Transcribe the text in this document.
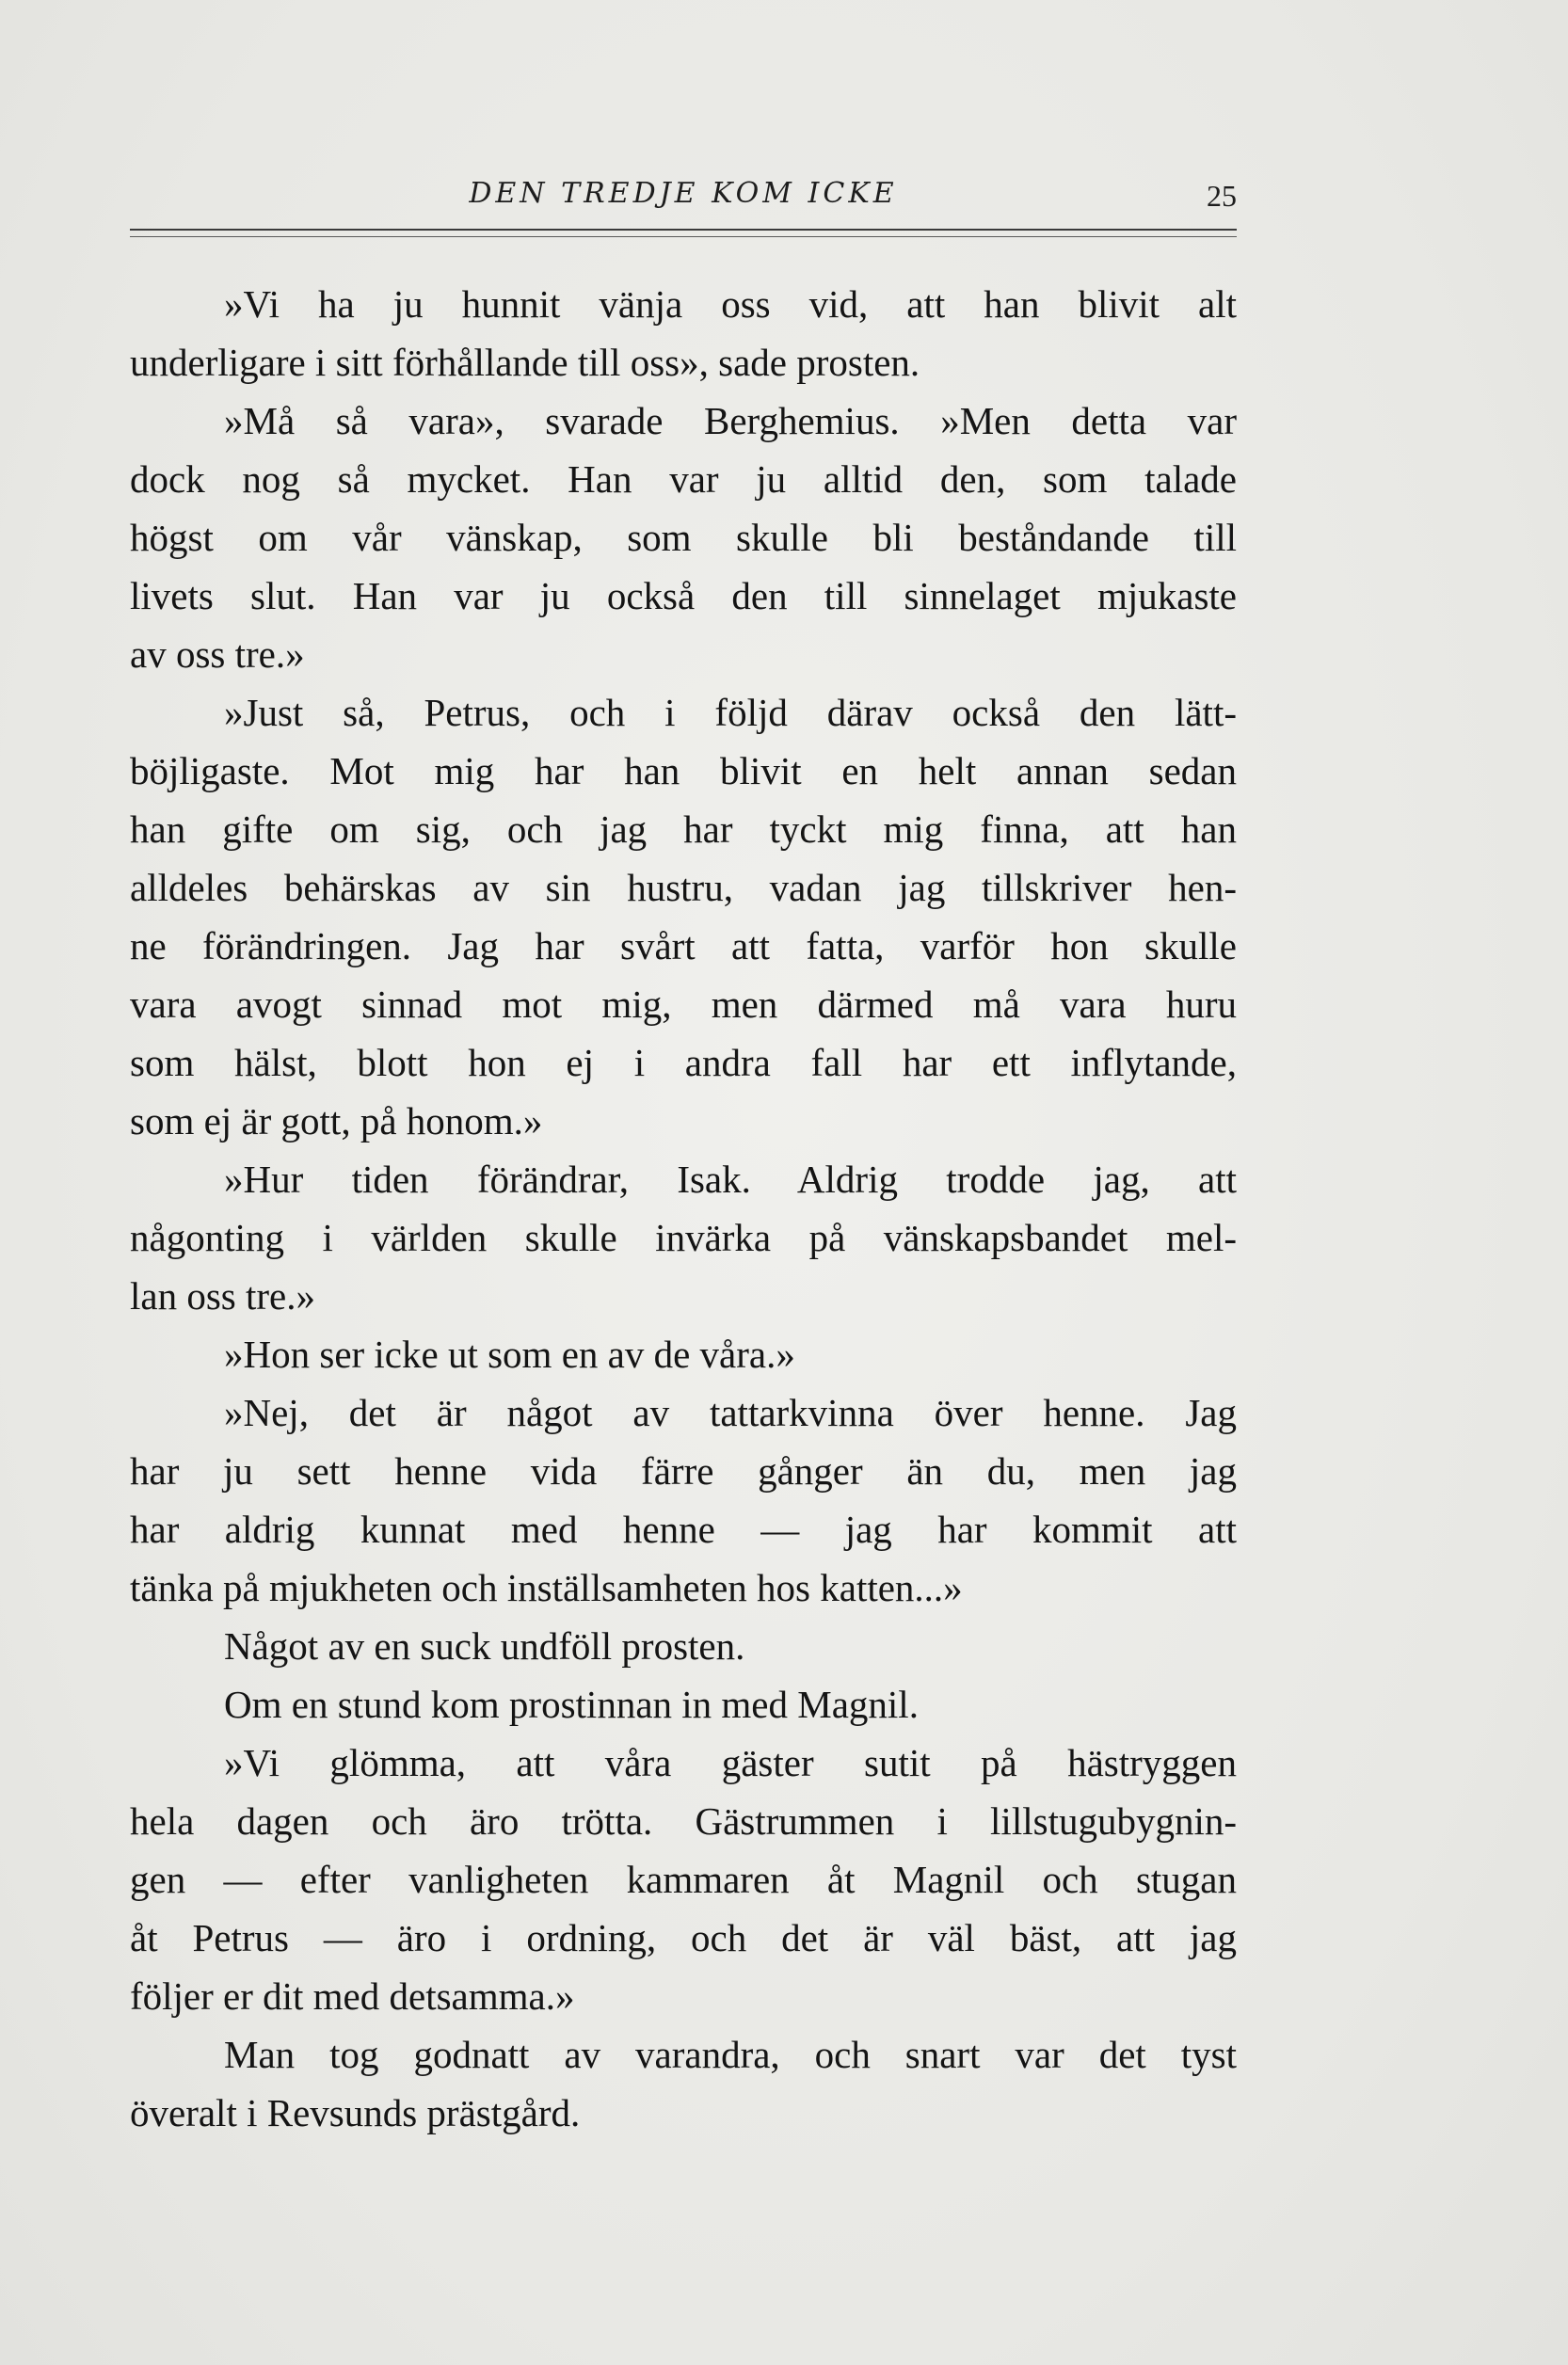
DEN TREDJE KOM ICKE	25
»Vi ha ju hunnit vänja oss vid, att han blivit alt
underligare i sitt förhållande till oss», sade prosten.
»Må så vara», svarade Berghemius. »Men detta var
dock nog så mycket. Han var ju alltid den, som talade
högst om vår vänskap, som skulle bli beståndande till
livets slut. Han var ju också den till sinnelaget mjukaste
av oss tre.»
»Just så, Petrus, och i följd därav också den lätt-
böjligaste. Mot mig har han blivit en helt annan sedan
han gifte om sig, och jag har tyckt mig finna, att han
alldeles behärskas av sin hustru, vadan jag tillskriver hen-
ne förändringen. Jag har svårt att fatta, varför hon skulle
vara avogt sinnad mot mig, men därmed må vara huru
som hälst, blott hon ej i andra fall har ett inflytande,
som ej är gott, på honom.»
»Hur tiden förändrar, Isak. Aldrig trodde jag, att
någonting i världen skulle invärka på vänskapsbandet mel-
lan oss tre.»
»Hon ser icke ut som en av de våra.»
»Nej, det är något av tattarkvinna över henne. Jag
har ju sett henne vida färre gånger än du, men jag
har aldrig kunnat med henne — jag har kommit att
tänka på mjukheten och inställsamheten hos katten...»
Något av en suck undföll prosten.
Om en stund kom prostinnan in med Magnil.
»Vi glömma, att våra gäster sutit på hästryggen
hela dagen och äro trötta. Gästrummen i lillstugubygnin-
gen — efter vanligheten kammaren åt Magnil och stugan
åt Petrus — äro i ordning, och det är väl bäst, att jag
följer er dit med detsamma.»
Man tog godnatt av varandra, och snart var det tyst
överalt i Revsunds prästgård.
